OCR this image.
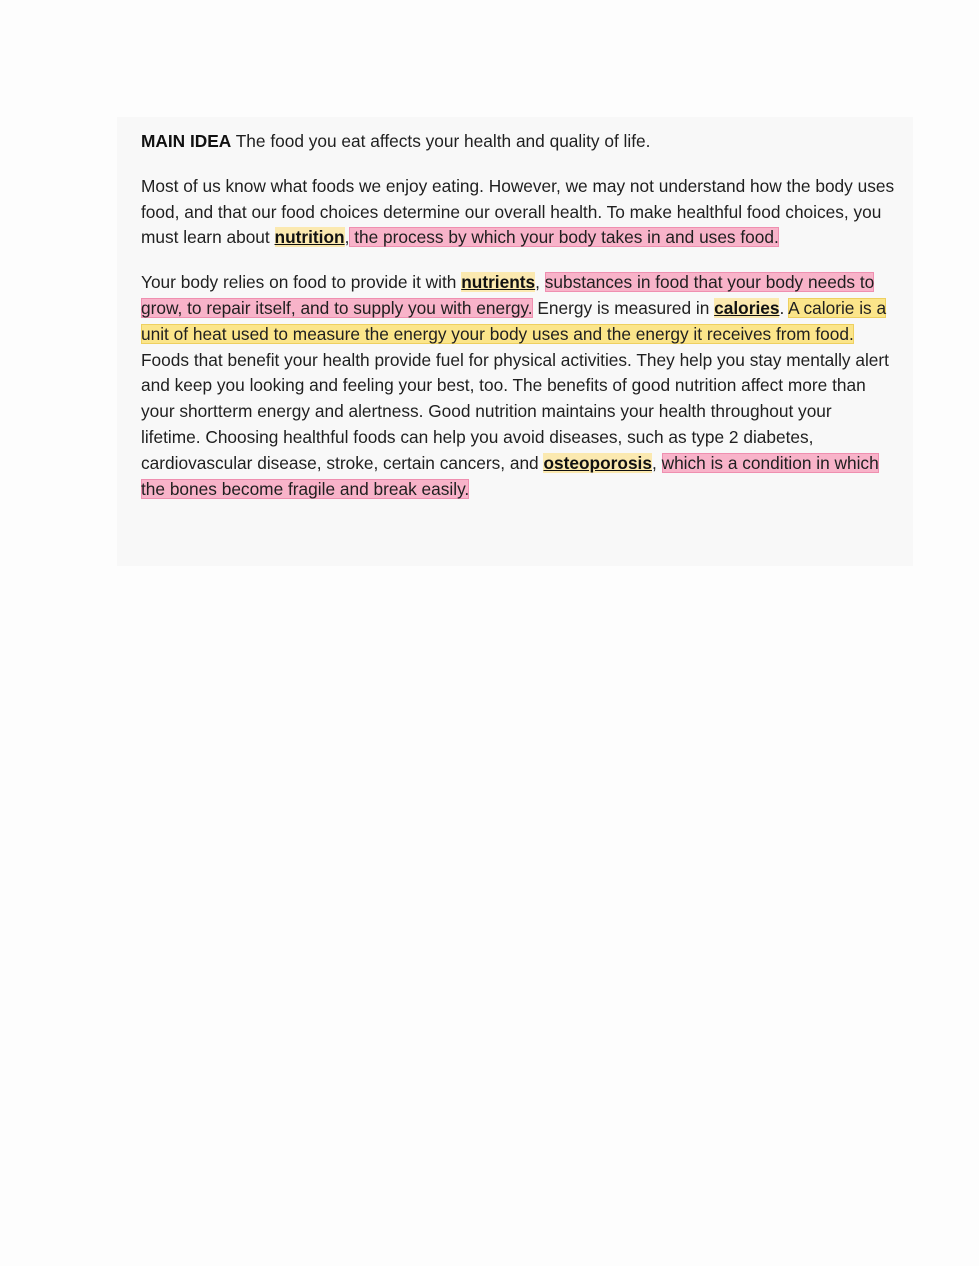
MAIN IDEA The food you eat affects your health and quality of life.

Most of us know what foods we enjoy eating. However, we may not understand how the body uses food, and that our food choices determine our overall health. To make healthful food choices, you must learn about nutrition, the process by which your body takes in and uses food.

Your body relies on food to provide it with nutrients, substances in food that your body needs to grow, to repair itself, and to supply you with energy. Energy is measured in calories. A calorie is a unit of heat used to measure the energy your body uses and the energy it receives from food. Foods that benefit your health provide fuel for physical activities. They help you stay mentally alert and keep you looking and feeling your best, too. The benefits of good nutrition affect more than your shortterm energy and alertness. Good nutrition maintains your health throughout your lifetime. Choosing healthful foods can help you avoid diseases, such as type 2 diabetes, cardiovascular disease, stroke, certain cancers, and osteoporosis, which is a condition in which the bones become fragile and break easily.
